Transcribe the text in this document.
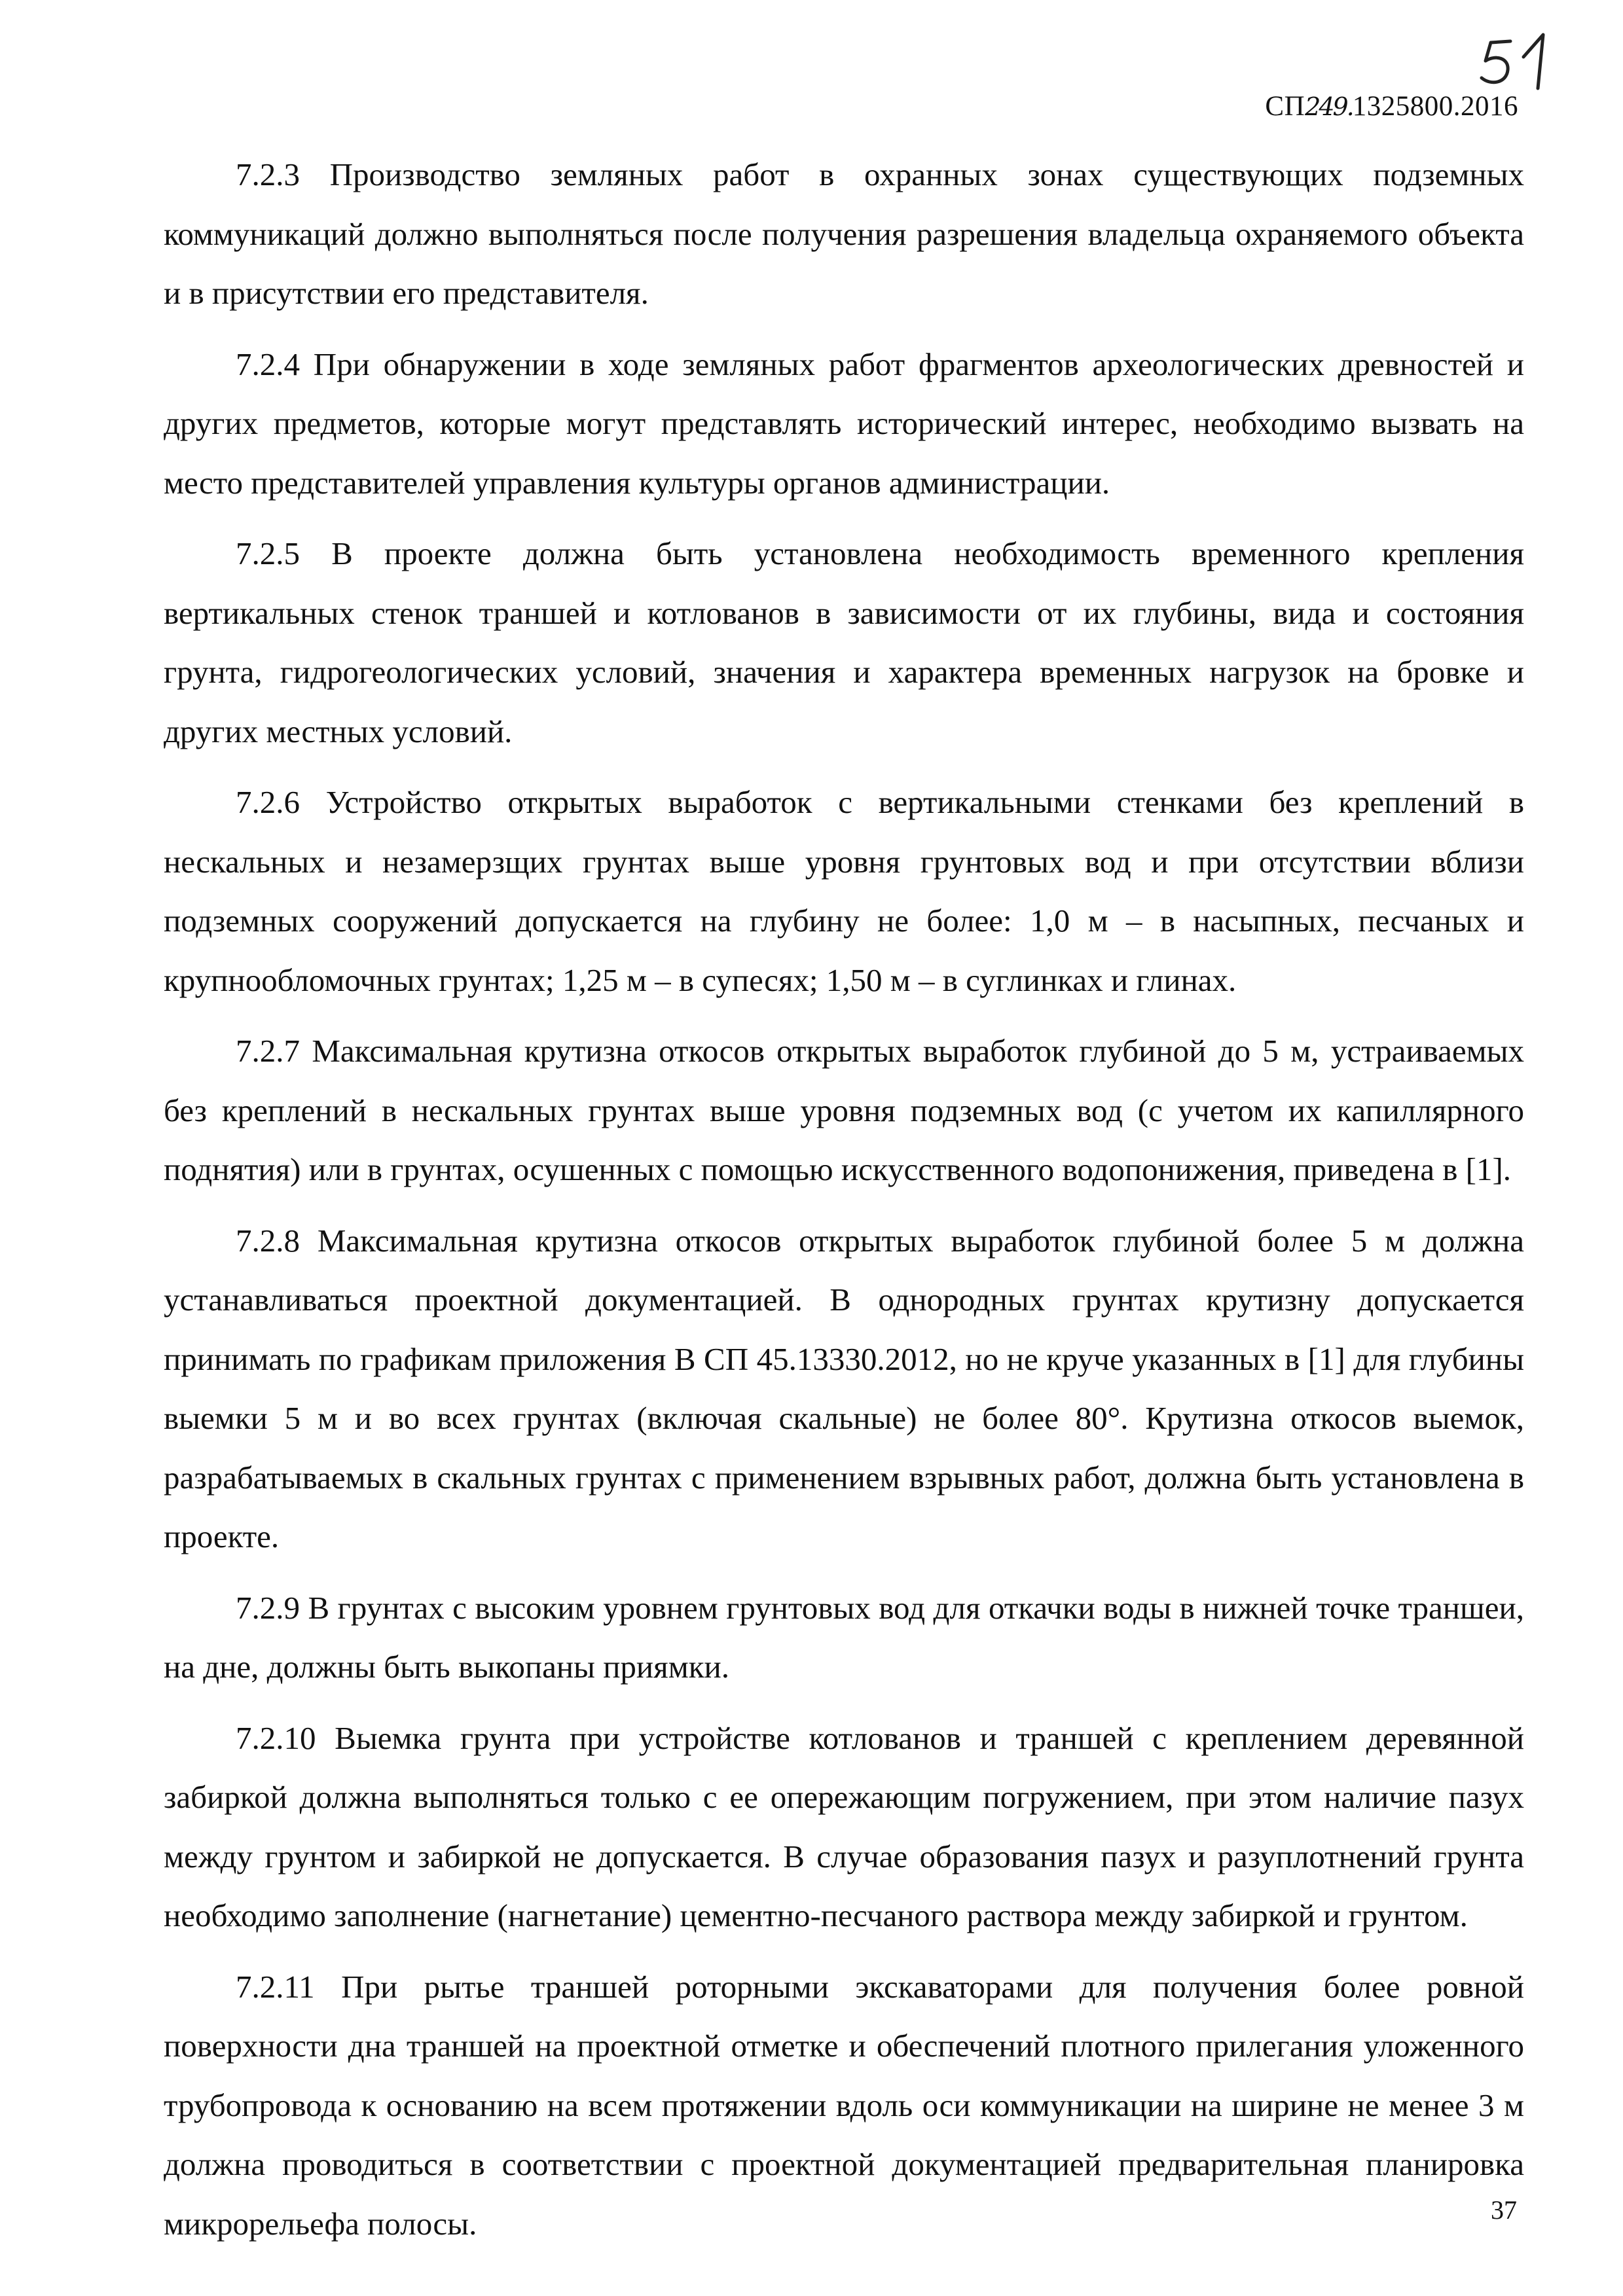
СП249.1325800.2016

7.2.3 Производство земляных работ в охранных зонах существующих подземных коммуникаций должно выполняться после получения разрешения владельца охраняемого объекта и в присутствии его представителя.

7.2.4 При обнаружении в ходе земляных работ фрагментов археологических древностей и других предметов, которые могут представлять исторический интерес, необходимо вызвать на место представителей управления культуры органов администрации.

7.2.5 В проекте должна быть установлена необходимость временного крепления вертикальных стенок траншей и котлованов в зависимости от их глубины, вида и состояния грунта, гидрогеологических условий, значения и характера временных нагрузок на бровке и других местных условий.

7.2.6 Устройство открытых выработок с вертикальными стенками без креплений в нескальных и незамерзщих грунтах выше уровня грунтовых вод и при отсутствии вблизи подземных сооружений допускается на глубину не более: 1,0 м – в насыпных, песчаных и крупнообломочных грунтах; 1,25 м – в супесях; 1,50 м – в суглинках и глинах.

7.2.7 Максимальная крутизна откосов открытых выработок глубиной до 5 м, устраиваемых без креплений в нескальных грунтах выше уровня подземных вод (с учетом их капиллярного поднятия) или в грунтах, осушенных с помощью искусственного водопонижения, приведена в [1].

7.2.8 Максимальная крутизна откосов открытых выработок глубиной более 5 м должна устанавливаться проектной документацией. В однородных грунтах крутизну допускается принимать по графикам приложения В СП 45.13330.2012, но не круче указанных в [1] для глубины выемки 5 м и во всех грунтах (включая скальные) не более 80°. Крутизна откосов выемок, разрабатываемых в скальных грунтах с применением взрывных работ, должна быть установлена в проекте.

7.2.9 В грунтах с высоким уровнем грунтовых вод для откачки воды в нижней точке траншеи, на дне, должны быть выкопаны приямки.

7.2.10 Выемка грунта при устройстве котлованов и траншей с креплением деревянной забиркой должна выполняться только с ее опережающим погружением, при этом наличие пазух между грунтом и забиркой не допускается. В случае образования пазух и разуплотнений грунта необходимо заполнение (нагнетание) цементно-песчаного раствора между забиркой и грунтом.

7.2.11 При рытье траншей роторными экскаваторами для получения более ровной поверхности дна траншей на проектной отметке и обеспечений плотного прилегания уложенного трубопровода к основанию на всем протяжении вдоль оси коммуникации на ширине не менее 3 м должна проводиться в соответствии с проектной документацией предварительная планировка микрорельефа полосы.	37
